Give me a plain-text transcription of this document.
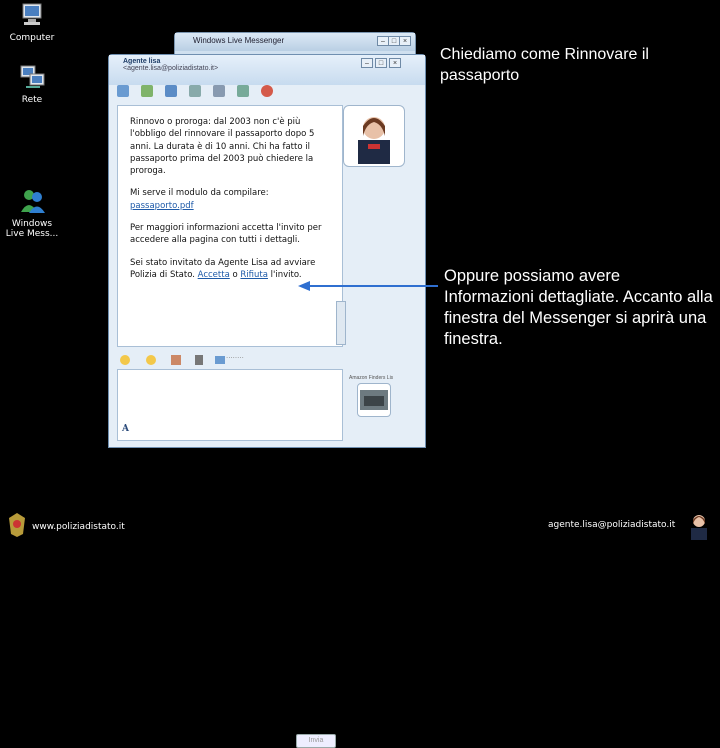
Computer
Rete
Windows Live Mess...
Windows Live Messenger	– □ ×
Agente lisa
<agente.lisa@poliziadistato.it>
–	□	×

Rinnovo o proroga: dal 2003 non c'è più l'obbligo del rinnovare il passaporto dopo 5 anni. La durata è di 10 anni. Chi ha fatto il passaporto prima del 2003 può chiedere la proroga.

Mi serve il modulo da compilare:
passaporto.pdf

Per maggiori informazioni accetta l'invito per accedere alla pagina con tutti i dettagli.

Sei stato invitato da Agente Lisa ad avviare Polizia di Stato. Accetta o Rifiuta l'invito.

........
A
Invia
Amazon Finders Lis
Chiediamo come Rinnovare il passaporto
Oppure possiamo avere Informazioni dettagliate. Accanto alla finestra del Messenger si aprirà una finestra.
www.poliziadistato.it	agente.lisa@poliziadistato.it
